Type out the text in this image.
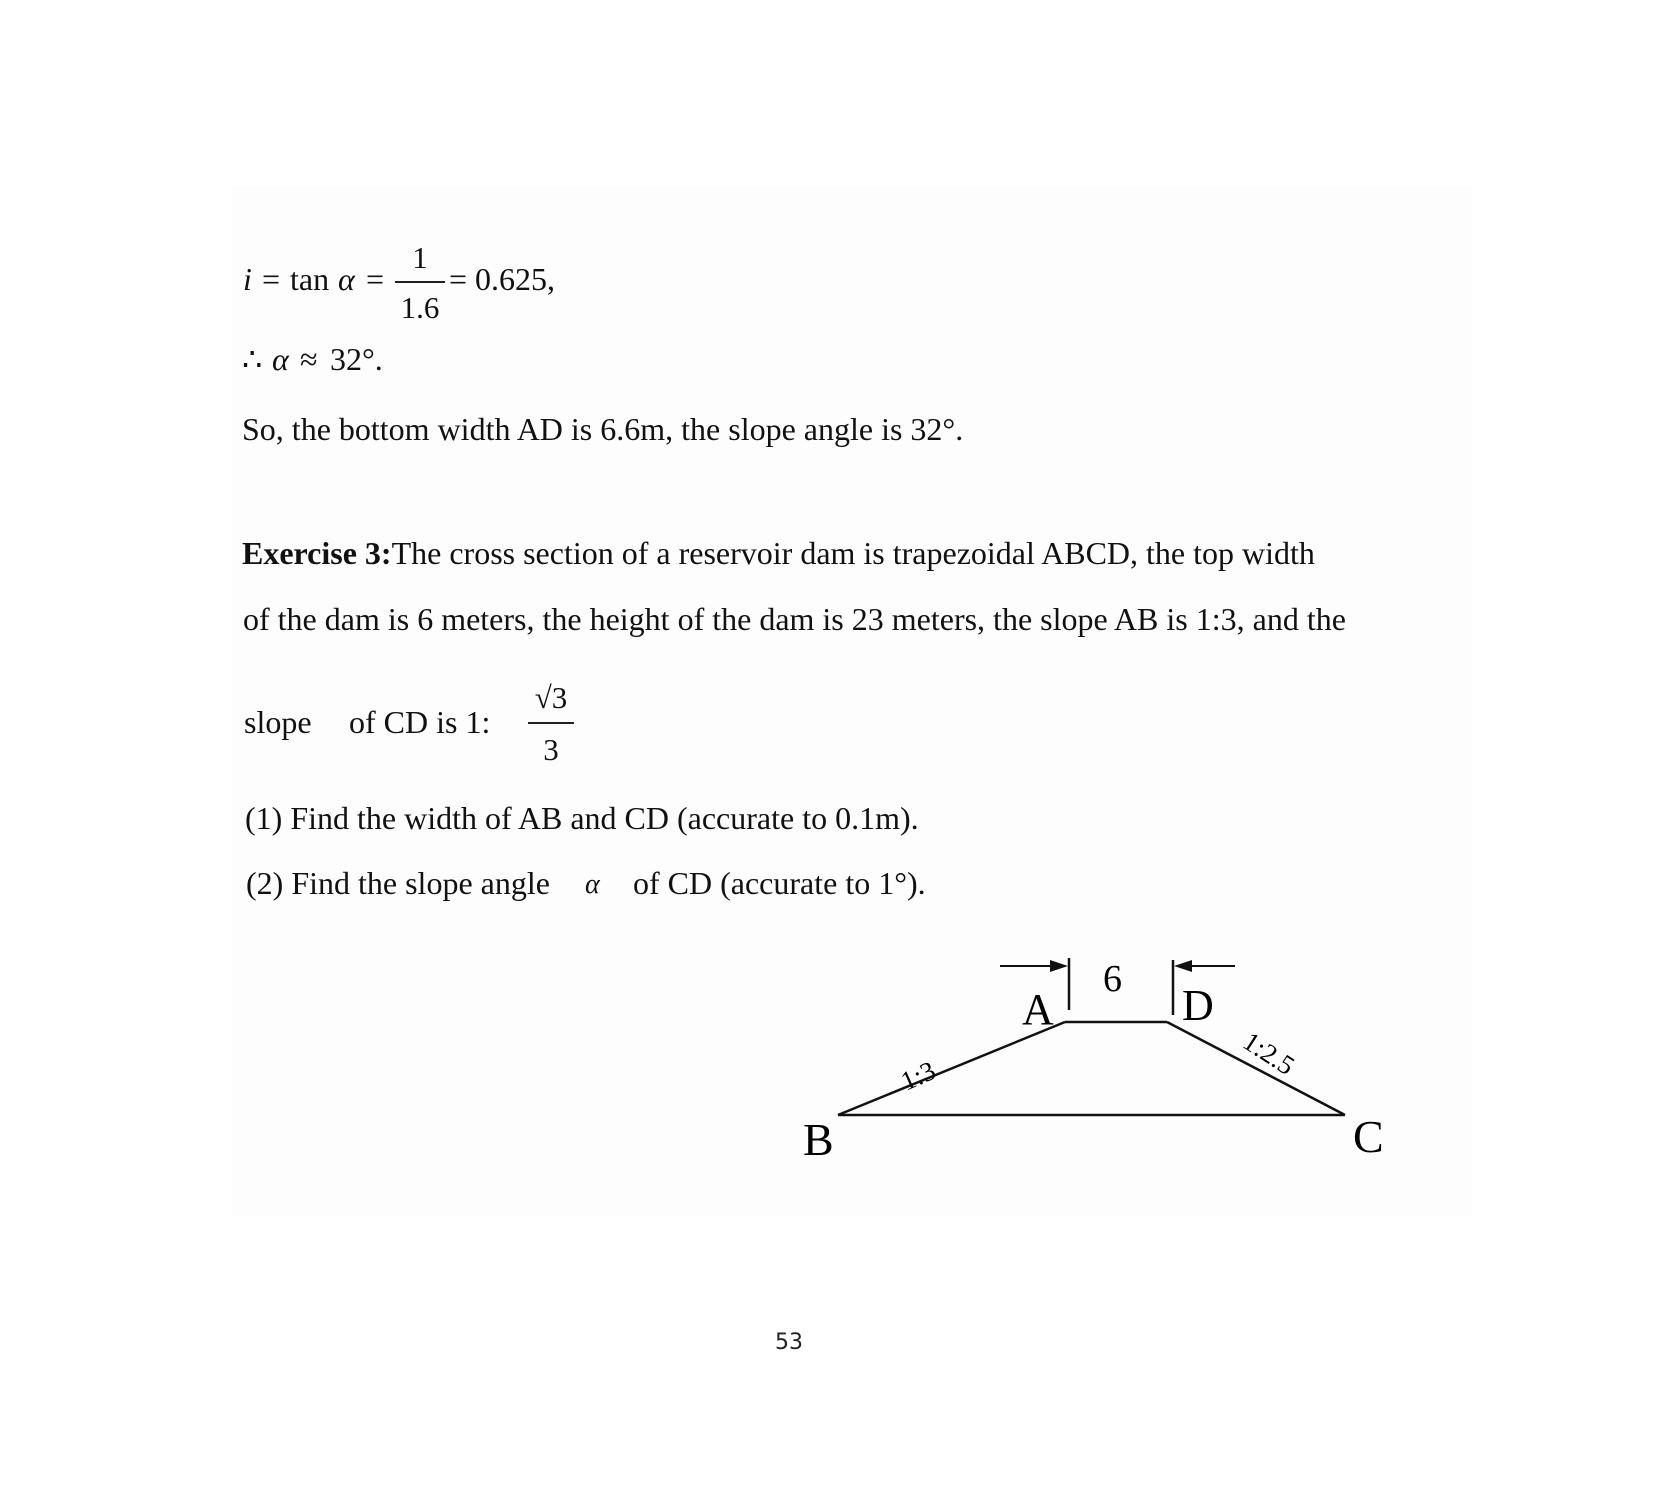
i = tan α =
1
1.6
= 0.625,
∴ α ≈ 32°.
So, the bottom width AD is 6.6m, the slope angle is 32°.
Exercise 3:The cross section of a reservoir dam is trapezoidal ABCD, the top width
of the dam is 6 meters, the height of the dam is 23 meters, the slope AB is 1:3, and the
slope of CD is 1:
√3
3
(1) Find the width of AB and CD (accurate to 0.1m).
(2) Find the slope angle α of CD (accurate to 1°).
A	D
B	C
6
1:3	1:2.5
53
